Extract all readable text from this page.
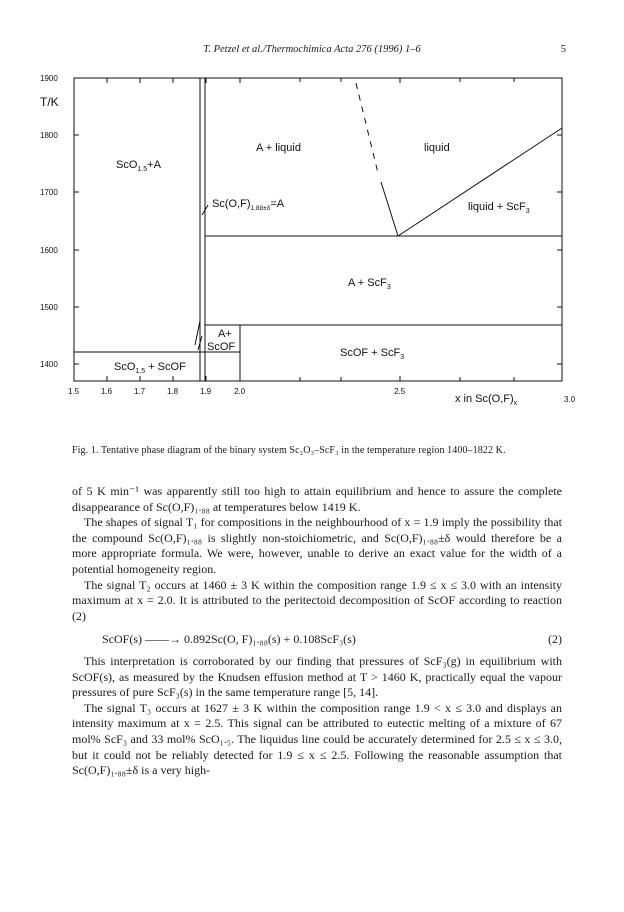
T. Petzel et al./Thermochimica Acta 276 (1996) 1–6	5
1900
1800
1700
1600
1500
1400
T/K
1.5	1.6	1.7	1.8	1.9	2.0	2.5
3.0
x in $Sc(O,F)_x$
ScO$_{1.5}$+A
A + liquid	liquid
$Sc(O,F)_{1.88\pm\delta}=A$	liquid + ScF$_3$
A + ScF$_3$
A+
ScOF	ScOF + ScF$_3$
ScO$_{1.5}$ + ScOF
Fig. 1. Tentative phase diagram of the binary system Sc₂O₃–ScF₃ in the temperature region 1400–1822 K.

of 5 K min⁻¹ was apparently still too high to attain equilibrium and hence to assure the complete disappearance of Sc(O,F)₁.₈₈ at temperatures below 1419 K.

The shapes of signal T₁ for compositions in the neighbourhood of x = 1.9 imply the possibility that the compound Sc(O,F)₁.₈₈ is slightly non-stoichiometric, and Sc(O,F)₁.₈₈±δ would therefore be a more appropriate formula. We were, however, unable to derive an exact value for the width of a potential homogeneity region.

The signal T₂ occurs at 1460 ± 3 K within the composition range 1.9 ≤ x ≤ 3.0 with an intensity maximum at x = 2.0. It is attributed to the peritectoid decomposition of ScOF according to reaction (2)

ScOF(s) ——→ 0.892Sc(O, F)₁.₈₈(s) + 0.108ScF₃(s)	(2)

This interpretation is corroborated by our finding that pressures of ScF₃(g) in equilibrium with ScOF(s), as measured by the Knudsen effusion method at T > 1460 K, practically equal the vapour pressures of pure ScF₃(s) in the same temperature range [5, 14].

The signal T₃ occurs at 1627 ± 3 K within the composition range 1.9 < x ≤ 3.0 and displays an intensity maximum at x = 2.5. This signal can be attributed to eutectic melting of a mixture of 67 mol% ScF₃ and 33 mol% ScO₁.₅. The liquidus line could be accurately determined for 2.5 ≤ x ≤ 3.0, but it could not be reliably detected for 1.9 ≤ x ≤ 2.5. Following the reasonable assumption that Sc(O,F)₁.₈₈±δ is a very high-
